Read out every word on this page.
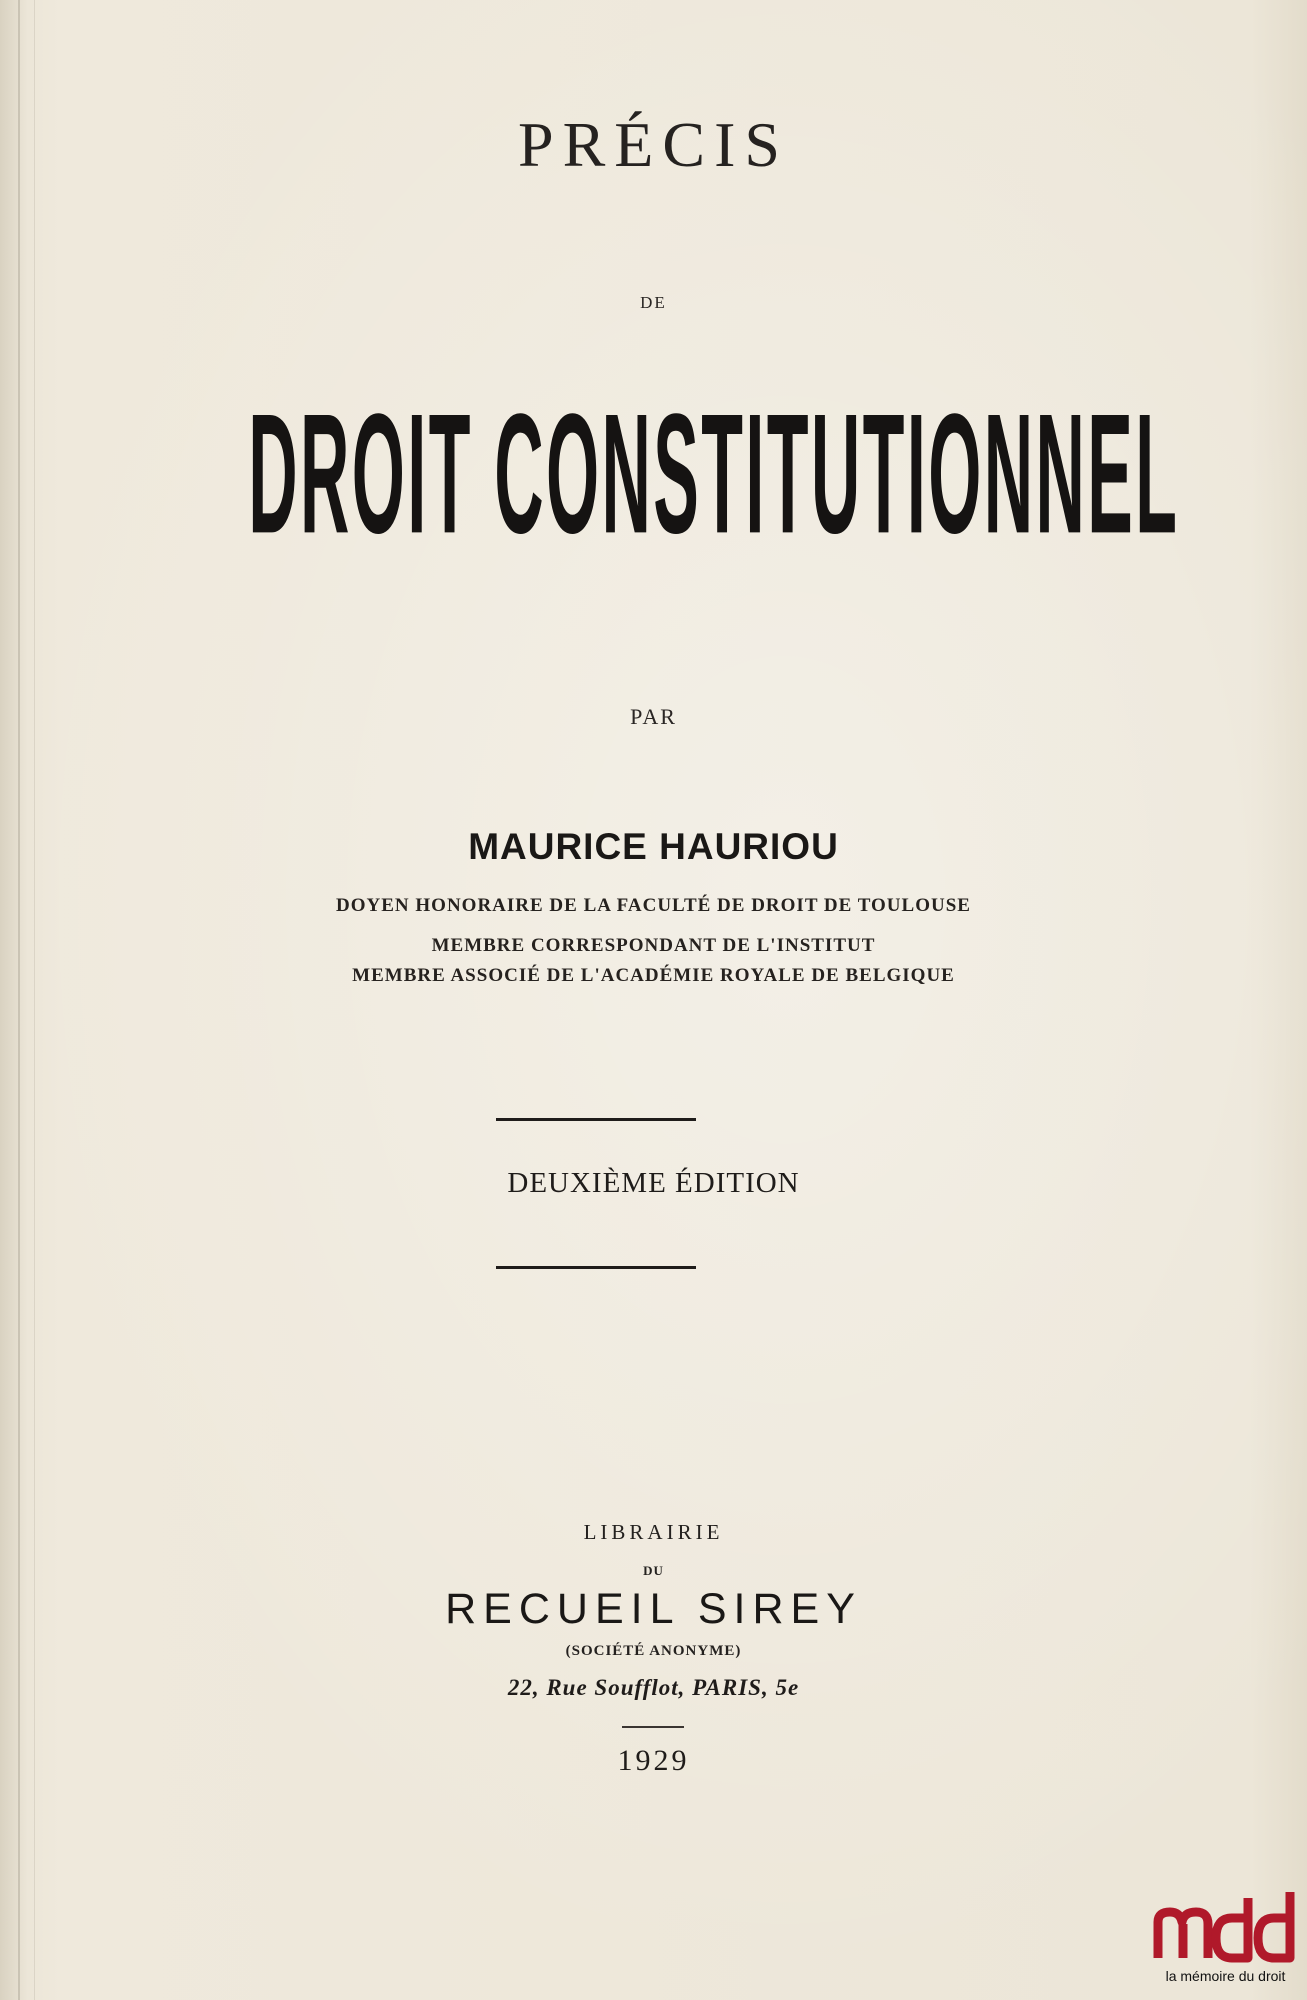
PRÉCIS
DE
DROIT CONSTITUTIONNEL
PAR
MAURICE HAURIOU
DOYEN HONORAIRE DE LA FACULTÉ DE DROIT DE TOULOUSE
MEMBRE CORRESPONDANT DE L'INSTITUT
MEMBRE ASSOCIÉ DE L'ACADÉMIE ROYALE DE BELGIQUE
DEUXIÈME ÉDITION
LIBRAIRIE
DU
RECUEIL SIREY
(SOCIÉTÉ ANONYME)
22, Rue Soufflot, PARIS, 5e
1929
la mémoire du droit
